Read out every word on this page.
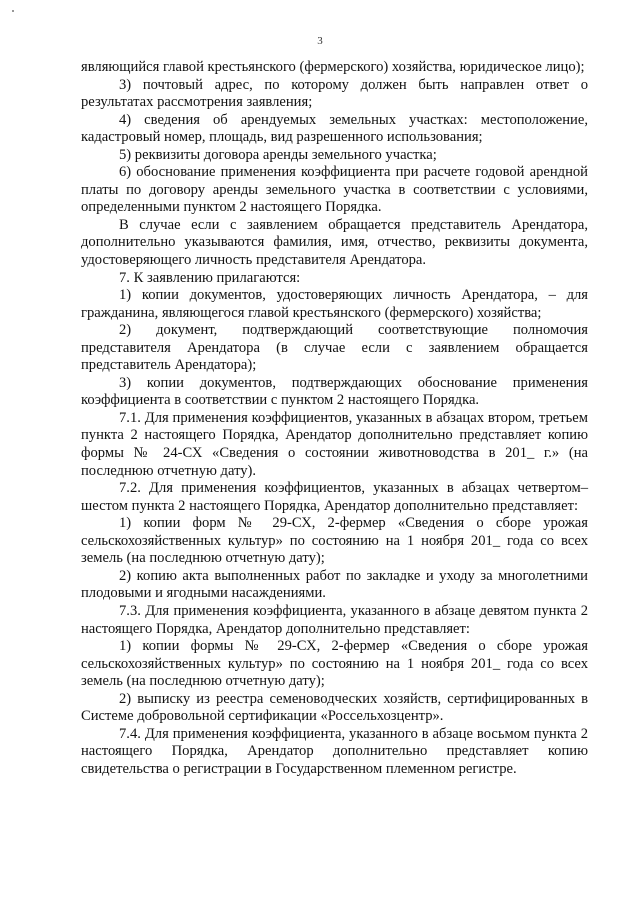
3

являющийся главой крестьянского (фермерского) хозяйства, юридическое лицо);

3) почтовый адрес, по которому должен быть направлен ответ о результатах рассмотрения заявления;

4) сведения об арендуемых земельных участках: местоположение, кадастровый номер, площадь, вид разрешенного использования;

5) реквизиты договора аренды земельного участка;

6) обоснование применения коэффициента при расчете годовой арендной платы по договору аренды земельного участка в соответствии с условиями, определенными пунктом 2 настоящего Порядка.

В случае если с заявлением обращается представитель Арендатора, дополнительно указываются фамилия, имя, отчество, реквизиты документа, удостоверяющего личность представителя Арендатора.

7. К заявлению прилагаются:

1) копии документов, удостоверяющих личность Арендатора, – для гражданина, являющегося главой крестьянского (фермерского) хозяйства;

2) документ, подтверждающий соответствующие полномочия представителя Арендатора (в случае если с заявлением обращается представитель Арендатора);

3) копии документов, подтверждающих обоснование применения коэффициента в соответствии с пунктом 2 настоящего Порядка.

7.1. Для применения коэффициентов, указанных в абзацах втором, третьем пункта 2 настоящего Порядка, Арендатор дополнительно представляет копию формы № 24-СХ «Сведения о состоянии животноводства в 201_ г.» (на последнюю отчетную дату).

7.2. Для применения коэффициентов, указанных в абзацах четвертом–шестом пункта 2 настоящего Порядка, Арендатор дополнительно представляет:

1) копии форм № 29-СХ, 2-фермер «Сведения о сборе урожая сельскохозяйственных культур» по состоянию на 1 ноября 201_ года со всех земель (на последнюю отчетную дату);

2) копию акта выполненных работ по закладке и уходу за многолетними плодовыми и ягодными насаждениями.

7.3. Для применения коэффициента, указанного в абзаце девятом пункта 2 настоящего Порядка, Арендатор дополнительно представляет:

1) копии формы № 29-СХ, 2-фермер «Сведения о сборе урожая сельскохозяйственных культур» по состоянию на 1 ноября 201_ года со всех земель (на последнюю отчетную дату);

2) выписку из реестра семеноводческих хозяйств, сертифицированных в Системе добровольной сертификации «Россельхозцентр».

7.4. Для применения коэффициента, указанного в абзаце восьмом пункта 2 настоящего Порядка, Арендатор дополнительно представляет копию свидетельства о регистрации в Государственном племенном регистре.
